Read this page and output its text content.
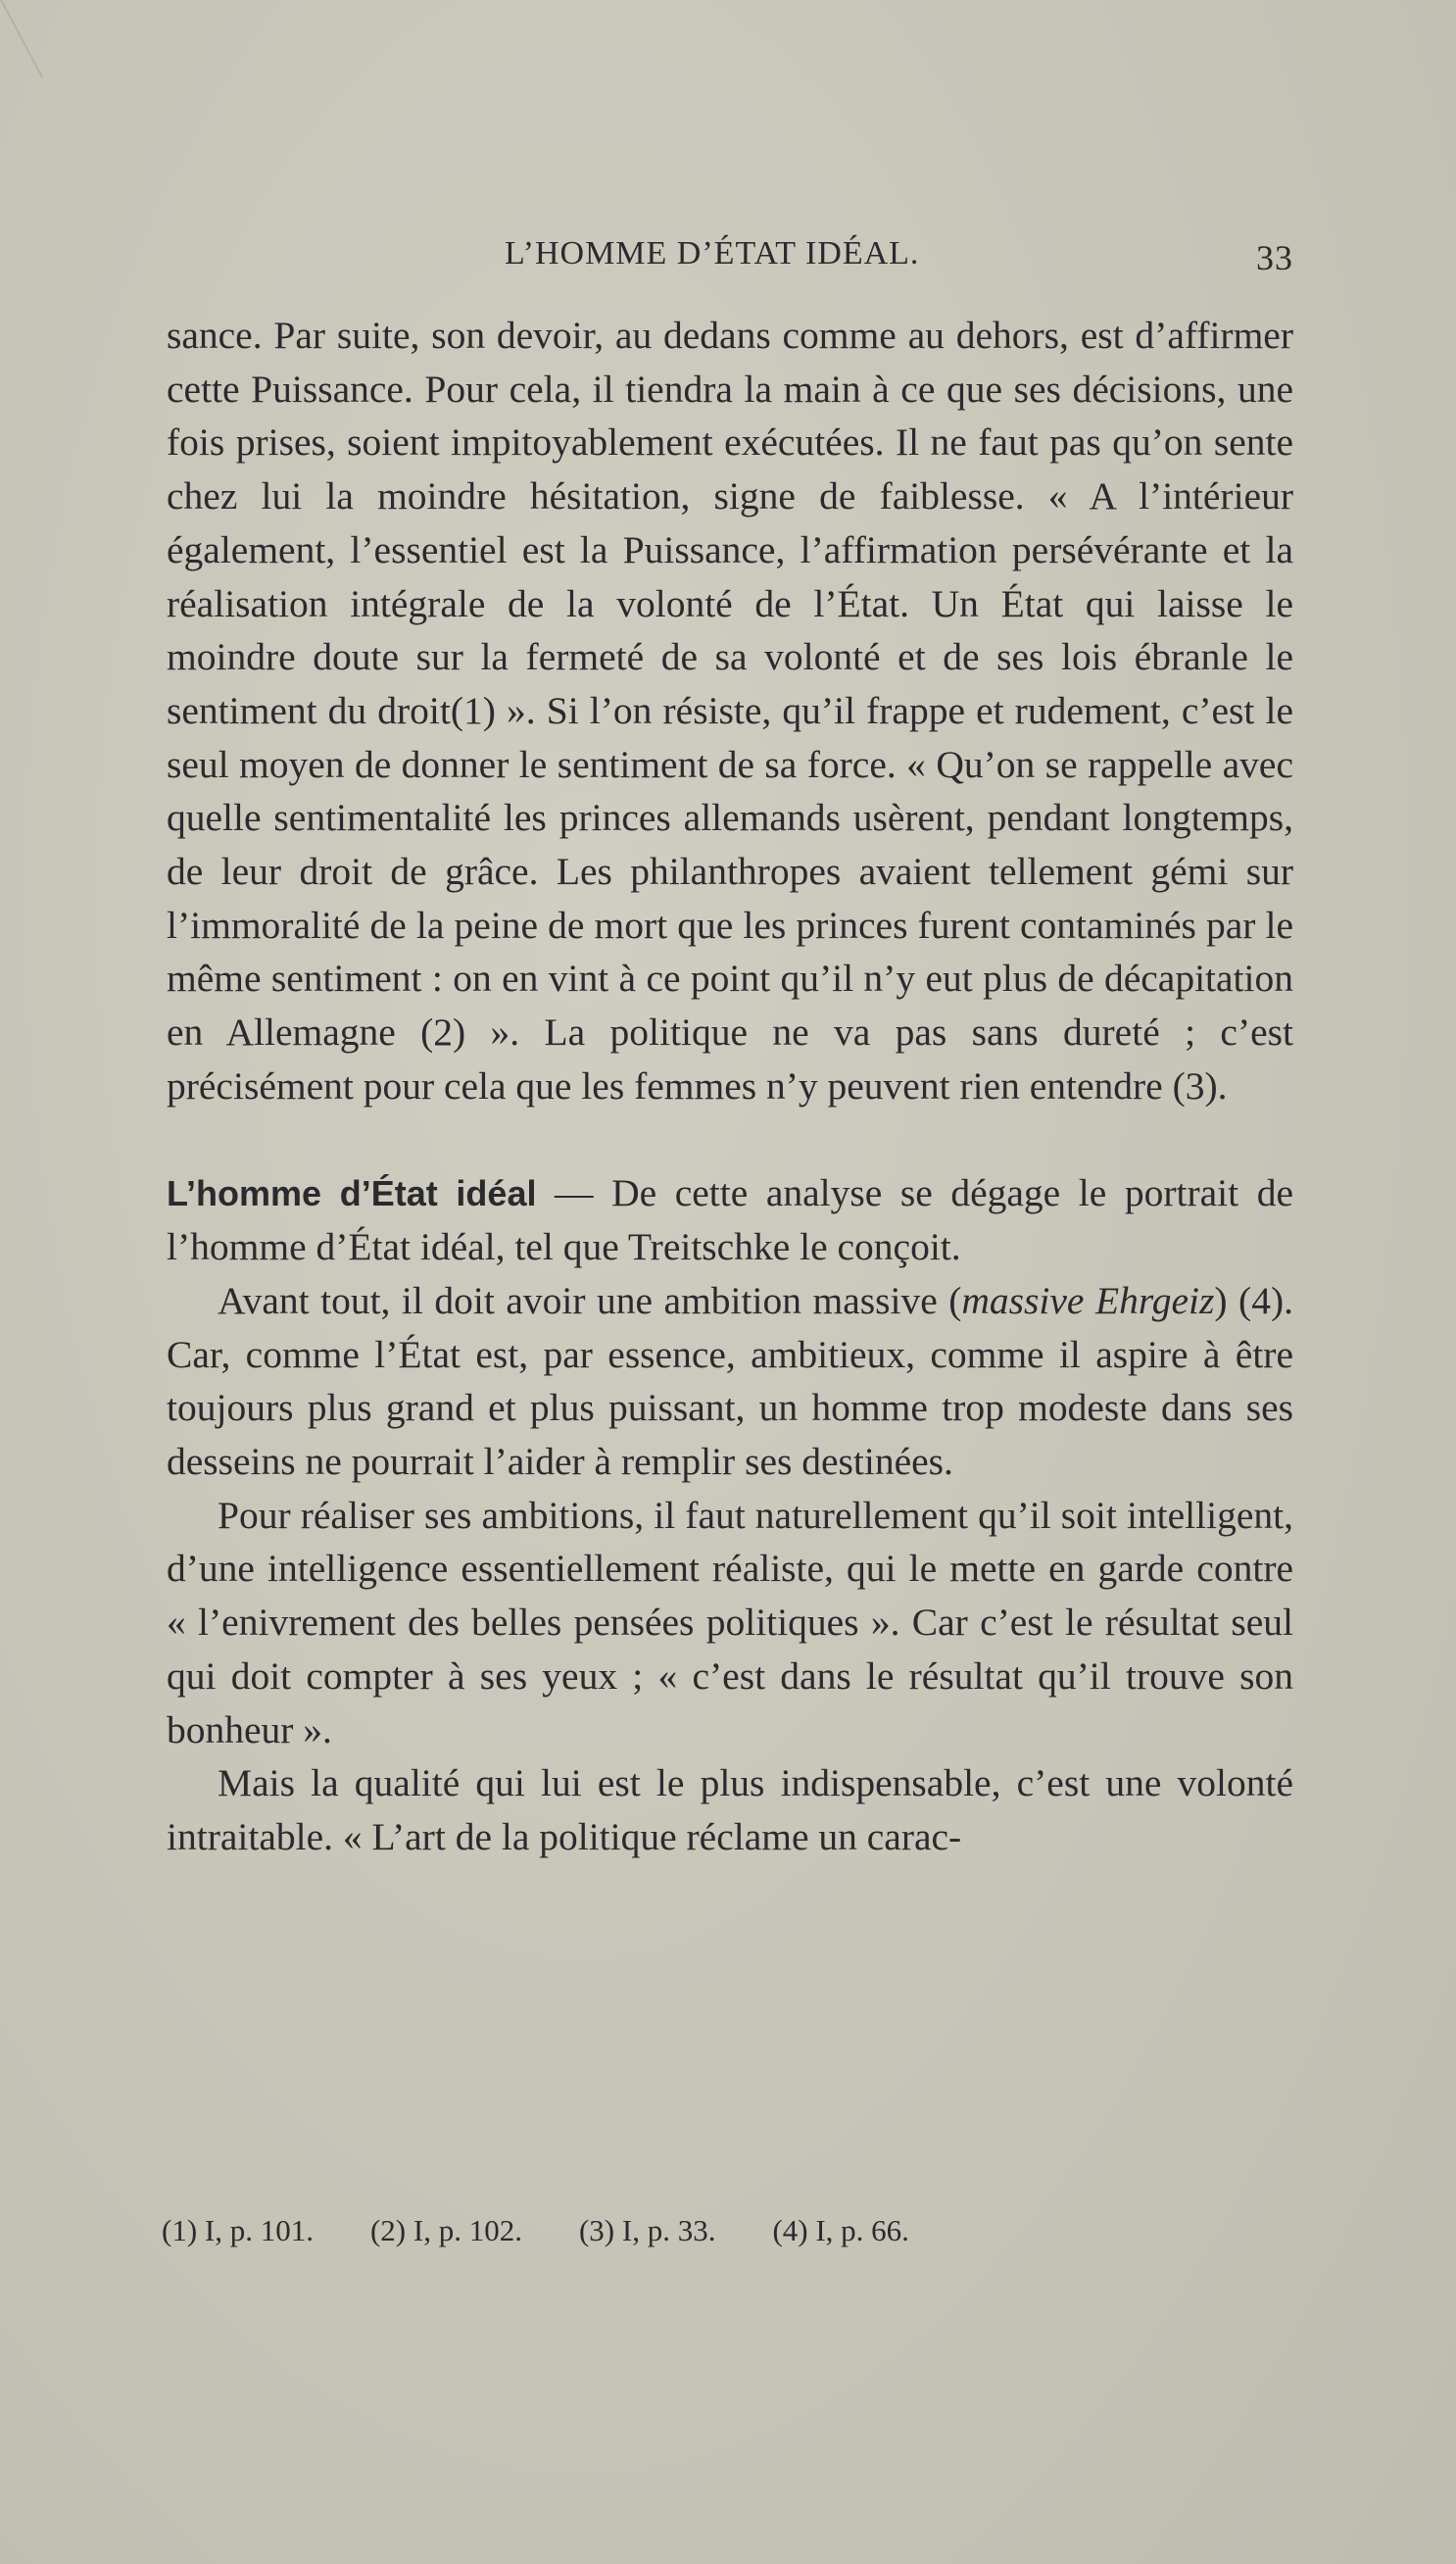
L’HOMME D’ÉTAT IDÉAL.	33

sance. Par suite, son devoir, au dedans comme au dehors, est d’affirmer cette Puissance. Pour cela, il tiendra la main à ce que ses décisions, une fois prises, soient impitoyablement exécutées. Il ne faut pas qu’on sente chez lui la moindre hésitation, signe de faiblesse. « A l’intérieur également, l’essentiel est la Puissance, l’affirmation persévérante et la réalisation intégrale de la volonté de l’État. Un État qui laisse le moindre doute sur la fermeté de sa volonté et de ses lois ébranle le sentiment du droit(1) ». Si l’on résiste, qu’il frappe et rudement, c’est le seul moyen de donner le sentiment de sa force. « Qu’on se rappelle avec quelle sentimentalité les princes allemands usèrent, pendant longtemps, de leur droit de grâce. Les philanthropes avaient tellement gémi sur l’immoralité de la peine de mort que les princes furent contaminés par le même sentiment : on en vint à ce point qu’il n’y eut plus de décapitation en Allemagne (2) ». La politique ne va pas sans dureté ; c’est précisément pour cela que les femmes n’y peuvent rien entendre (3).

L’homme d’État idéal — De cette analyse se dégage le portrait de l’homme d’État idéal, tel que Treitschke le conçoit.

Avant tout, il doit avoir une ambition massive (massive Ehrgeiz) (4). Car, comme l’État est, par essence, ambitieux, comme il aspire à être toujours plus grand et plus puissant, un homme trop modeste dans ses desseins ne pourrait l’aider à remplir ses destinées.

Pour réaliser ses ambitions, il faut naturellement qu’il soit intelligent, d’une intelligence essentiellement réaliste, qui le mette en garde contre « l’enivrement des belles pensées politiques ». Car c’est le résultat seul qui doit compter à ses yeux ; « c’est dans le résultat qu’il trouve son bonheur ».

Mais la qualité qui lui est le plus indispensable, c’est une volonté intraitable. « L’art de la politique réclame un carac-

(1) I, p. 101. (2) I, p. 102. (3) I, p. 33. (4) I, p. 66.
